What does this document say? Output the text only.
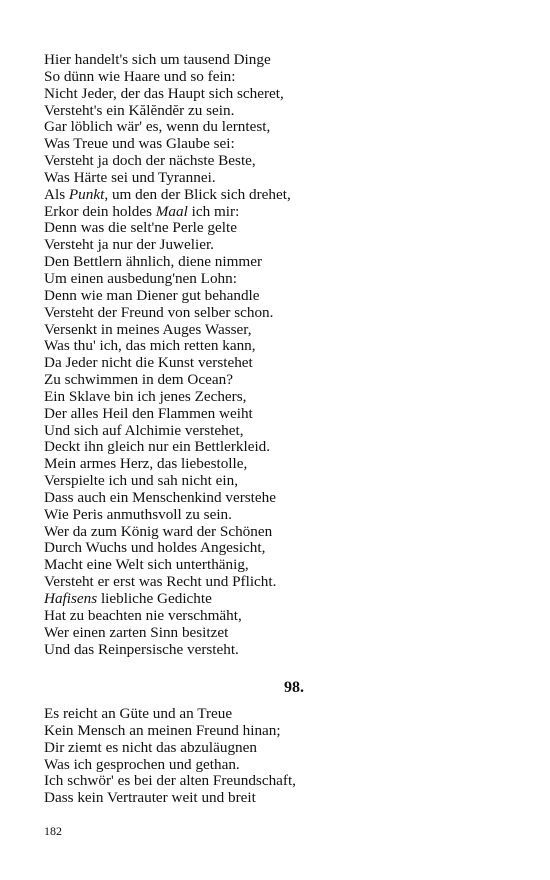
Hier handelt's sich um tausend Dinge
So dünn wie Haare und so fein:
Nicht Jeder, der das Haupt sich scheret,
Versteht's ein Kălĕndĕr zu sein.
Gar löblich wär' es, wenn du lerntest,
Was Treue und was Glaube sei:
Versteht ja doch der nächste Beste,
Was Härte sei und Tyrannei.
Als Punkt, um den der Blick sich drehet,
Erkor dein holdes Maal ich mir:
Denn was die selt'ne Perle gelte
Versteht ja nur der Juwelier.
Den Bettlern ähnlich, diene nimmer
Um einen ausbedung'nen Lohn:
Denn wie man Diener gut behandle
Versteht der Freund von selber schon.
Versenkt in meines Auges Wasser,
Was thu' ich, das mich retten kann,
Da Jeder nicht die Kunst verstehet
Zu schwimmen in dem Ocean?
Ein Sklave bin ich jenes Zechers,
Der alles Heil den Flammen weiht
Und sich auf Alchimie verstehet,
Deckt ihn gleich nur ein Bettlerkleid.
Mein armes Herz, das liebestolle,
Verspielte ich und sah nicht ein,
Dass auch ein Menschenkind verstehe
Wie Peris anmuthsvoll zu sein.
Wer da zum König ward der Schönen
Durch Wuchs und holdes Angesicht,
Macht eine Welt sich unterthänig,
Versteht er erst was Recht und Pflicht.
Hafisens liebliche Gedichte
Hat zu beachten nie verschmäht,
Wer einen zarten Sinn besitzet
Und das Reinpersische versteht.
98.
Es reicht an Güte und an Treue
Kein Mensch an meinen Freund hinan;
Dir ziemt es nicht das abzuläugnen
Was ich gesprochen und gethan.
Ich schwör' es bei der alten Freundschaft,
Dass kein Vertrauter weit und breit
182
